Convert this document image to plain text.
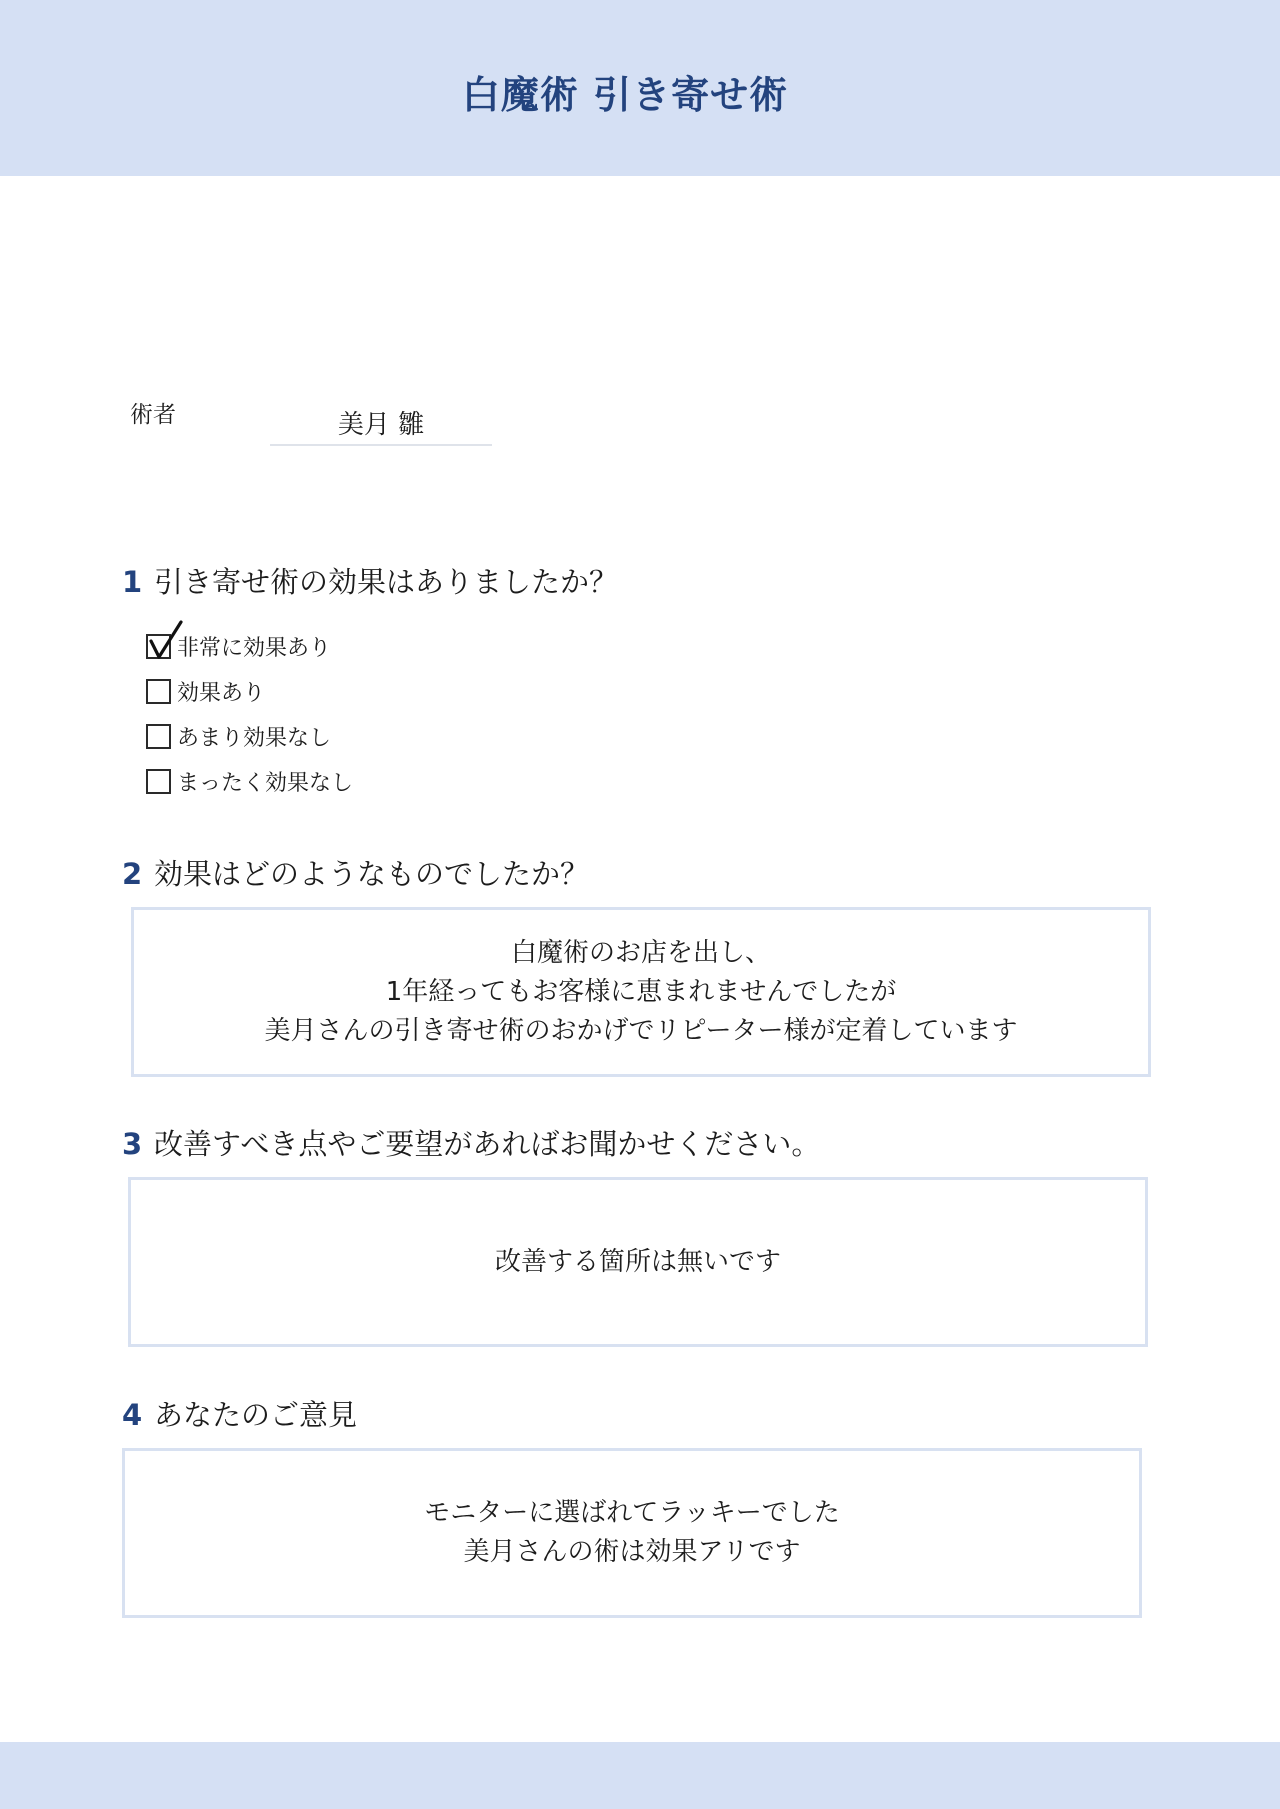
白魔術 引き寄せ術
術者	美月 雛
1 引き寄せ術の効果はありましたか？
非常に効果あり
効果あり
あまり効果なし
まったく効果なし
2 効果はどのようなものでしたか？
白魔術のお店を出し、
1年経ってもお客様に恵まれませんでしたが
美月さんの引き寄せ術のおかげでリピーター様が定着しています
3 改善すべき点やご要望があればお聞かせください。
改善する箇所は無いです
4 あなたのご意見
モニターに選ばれてラッキーでした
美月さんの術は効果アリです
